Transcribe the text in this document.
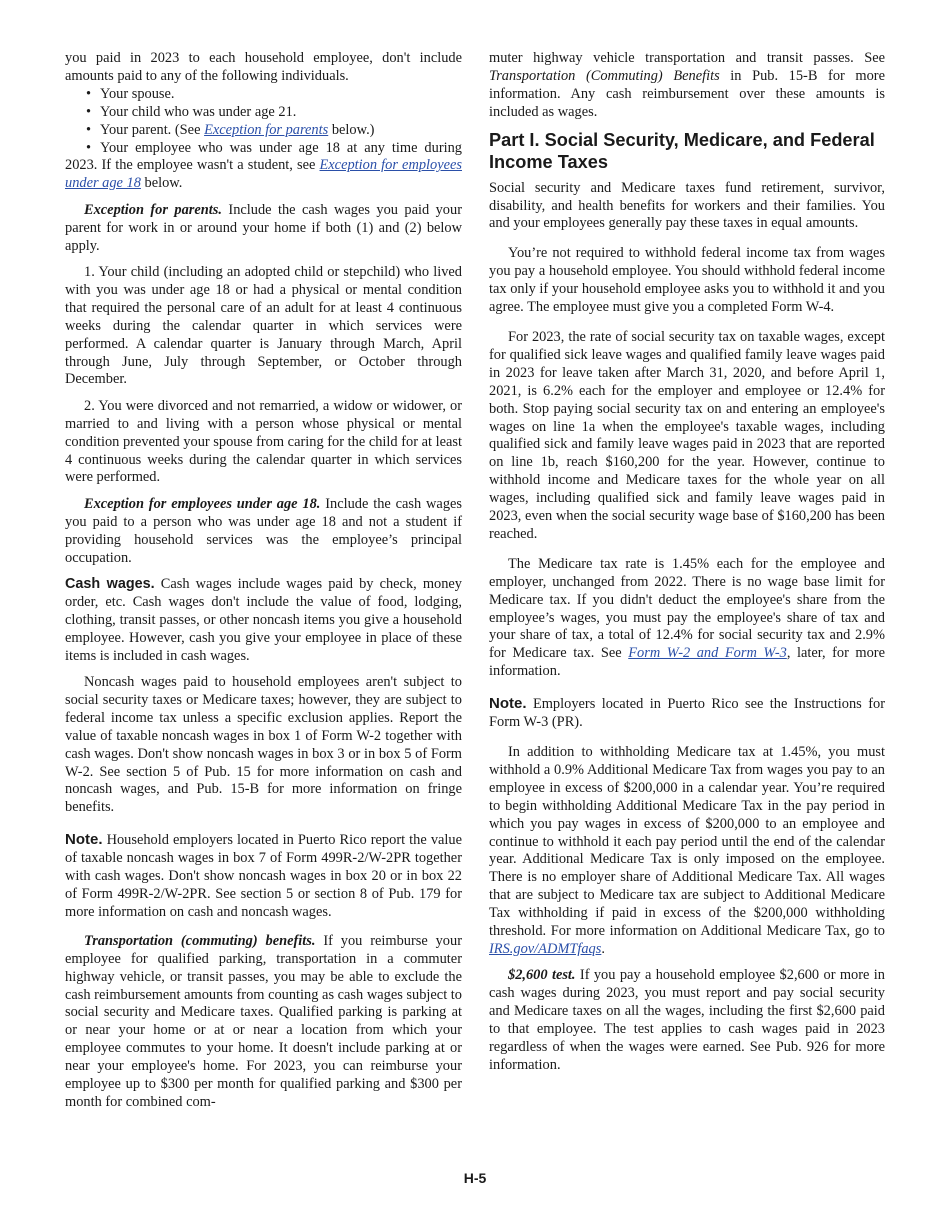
you paid in 2023 to each household employee, don't include amounts paid to any of the following individuals.

• Your spouse.
• Your child who was under age 21.
• Your parent. (See Exception for parents below.)
• Your employee who was under age 18 at any time during 2023. If the employee wasn't a student, see Exception for employees under age 18 below.

Exception for parents. Include the cash wages you paid your parent for work in or around your home if both (1) and (2) below apply.

1. Your child (including an adopted child or stepchild) who lived with you was under age 18 or had a physical or mental condition that required the personal care of an adult for at least 4 continuous weeks during the calendar quarter in which services were performed. A calendar quarter is January through March, April through June, July through September, or October through December.

2. You were divorced and not remarried, a widow or widower, or married to and living with a person whose physical or mental condition prevented your spouse from caring for the child for at least 4 continuous weeks during the calendar quarter in which services were performed.

Exception for employees under age 18. Include the cash wages you paid to a person who was under age 18 and not a student if providing household services was the employee’s principal occupation.

Cash wages. Cash wages include wages paid by check, money order, etc. Cash wages don't include the value of food, lodging, clothing, transit passes, or other noncash items you give a household employee. However, cash you give your employee in place of these items is included in cash wages.

Noncash wages paid to household employees aren't subject to social security taxes or Medicare taxes; however, they are subject to federal income tax unless a specific exclusion applies. Report the value of taxable noncash wages in box 1 of Form W-2 together with cash wages. Don't show noncash wages in box 3 or in box 5 of Form W-2. See section 5 of Pub. 15 for more information on cash and noncash wages, and Pub. 15-B for more information on fringe benefits.

Note. Household employers located in Puerto Rico report the value of taxable noncash wages in box 7 of Form 499R-2/W-2PR together with cash wages. Don't show noncash wages in box 20 or in box 22 of Form 499R-2/W-2PR. See section 5 or section 8 of Pub. 179 for more information on cash and noncash wages.

Transportation (commuting) benefits. If you reimburse your employee for qualified parking, transportation in a commuter highway vehicle, or transit passes, you may be able to exclude the cash reimbursement amounts from counting as cash wages subject to social security and Medicare taxes. Qualified parking is parking at or near your home or at or near a location from which your employee commutes to your home. It doesn't include parking at or near your employee's home. For 2023, you can reimburse your employee up to $300 per month for qualified parking and $300 per month for combined com-

muter highway vehicle transportation and transit passes. See Transportation (Commuting) Benefits in Pub. 15-B for more information. Any cash reimbursement over these amounts is included as wages.

Part I. Social Security, Medicare, and Federal Income Taxes

Social security and Medicare taxes fund retirement, survivor, disability, and health benefits for workers and their families. You and your employees generally pay these taxes in equal amounts.

You’re not required to withhold federal income tax from wages you pay a household employee. You should withhold federal income tax only if your household employee asks you to withhold it and you agree. The employee must give you a completed Form W-4.

For 2023, the rate of social security tax on taxable wages, except for qualified sick leave wages and qualified family leave wages paid in 2023 for leave taken after March 31, 2020, and before April 1, 2021, is 6.2% each for the employer and employee or 12.4% for both. Stop paying social security tax on and entering an employee's wages on line 1a when the employee's taxable wages, including qualified sick and family leave wages paid in 2023 that are reported on line 1b, reach $160,200 for the year. However, continue to withhold income and Medicare taxes for the whole year on all wages, including qualified sick and family leave wages paid in 2023, even when the social security wage base of $160,200 has been reached.

The Medicare tax rate is 1.45% each for the employee and employer, unchanged from 2022. There is no wage base limit for Medicare tax. If you didn't deduct the employee's share from the employee’s wages, you must pay the employee's share of tax and your share of tax, a total of 12.4% for social security tax and 2.9% for Medicare tax. See Form W-2 and Form W-3, later, for more information.

Note. Employers located in Puerto Rico see the Instructions for Form W-3 (PR).

In addition to withholding Medicare tax at 1.45%, you must withhold a 0.9% Additional Medicare Tax from wages you pay to an employee in excess of $200,000 in a calendar year. You’re required to begin withholding Additional Medicare Tax in the pay period in which you pay wages in excess of $200,000 to an employee and continue to withhold it each pay period until the end of the calendar year. Additional Medicare Tax is only imposed on the employee. There is no employer share of Additional Medicare Tax. All wages that are subject to Medicare tax are subject to Additional Medicare Tax withholding if paid in excess of the $200,000 withholding threshold. For more information on Additional Medicare Tax, go to IRS.gov/ADMTfaqs.

$2,600 test. If you pay a household employee $2,600 or more in cash wages during 2023, you must report and pay social security and Medicare taxes on all the wages, including the first $2,600 paid to that employee. The test applies to cash wages paid in 2023 regardless of when the wages were earned. See Pub. 926 for more information.

H-5
